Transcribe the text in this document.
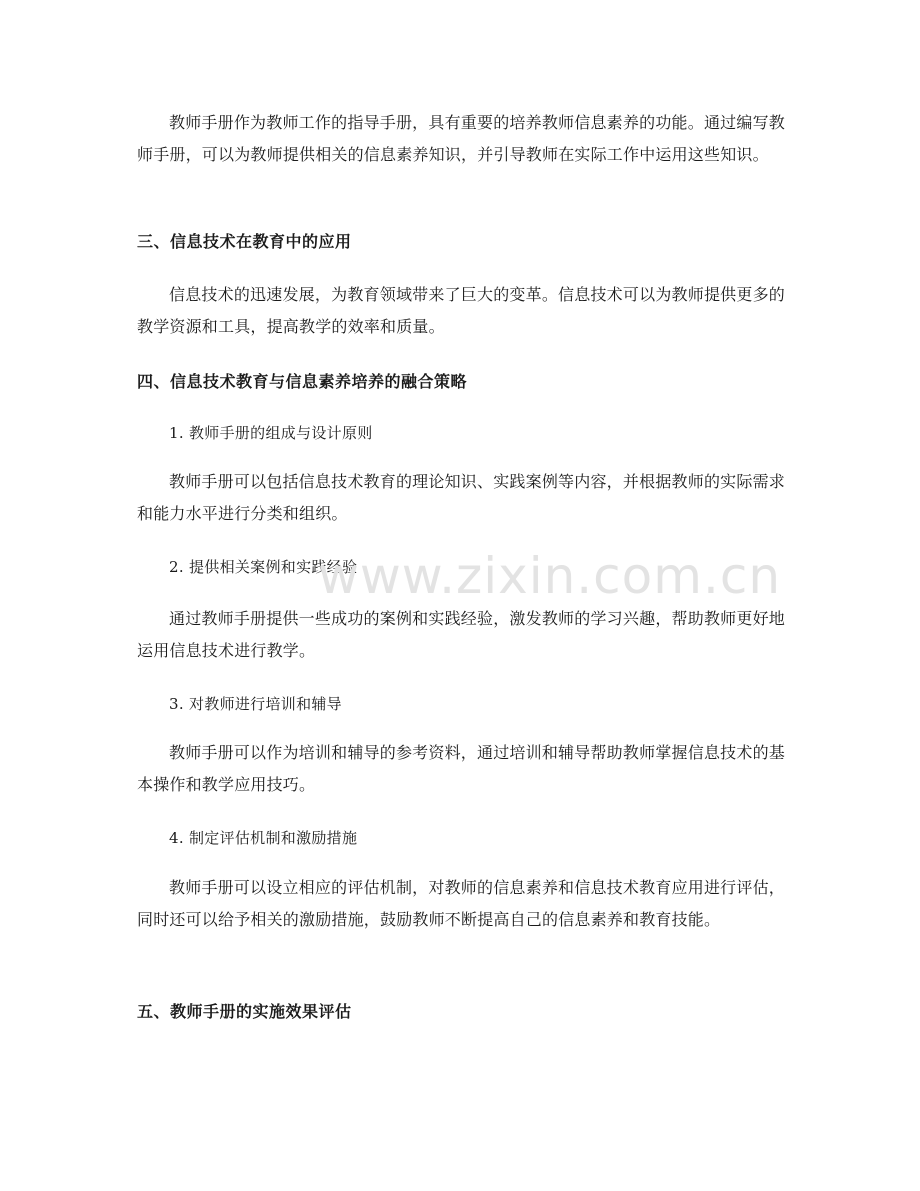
教师手册作为教师工作的指导手册，具有重要的培养教师信息素养的功能。通过编写教师手册，可以为教师提供相关的信息素养知识，并引导教师在实际工作中运用这些知识。

三、信息技术在教育中的应用

信息技术的迅速发展，为教育领域带来了巨大的变革。信息技术可以为教师提供更多的教学资源和工具，提高教学的效率和质量。

四、信息技术教育与信息素养培养的融合策略
1. 教师手册的组成与设计原则

教师手册可以包括信息技术教育的理论知识、实践案例等内容，并根据教师的实际需求和能力水平进行分类和组织。

2. 提供相关案例和实践经验

通过教师手册提供一些成功的案例和实践经验，激发教师的学习兴趣，帮助教师更好地运用信息技术进行教学。

3. 对教师进行培训和辅导

教师手册可以作为培训和辅导的参考资料，通过培训和辅导帮助教师掌握信息技术的基本操作和教学应用技巧。

4. 制定评估机制和激励措施

教师手册可以设立相应的评估机制，对教师的信息素养和信息技术教育应用进行评估，同时还可以给予相关的激励措施，鼓励教师不断提高自己的信息素养和教育技能。

五、教师手册的实施效果评估
www.zixin.com.cn
